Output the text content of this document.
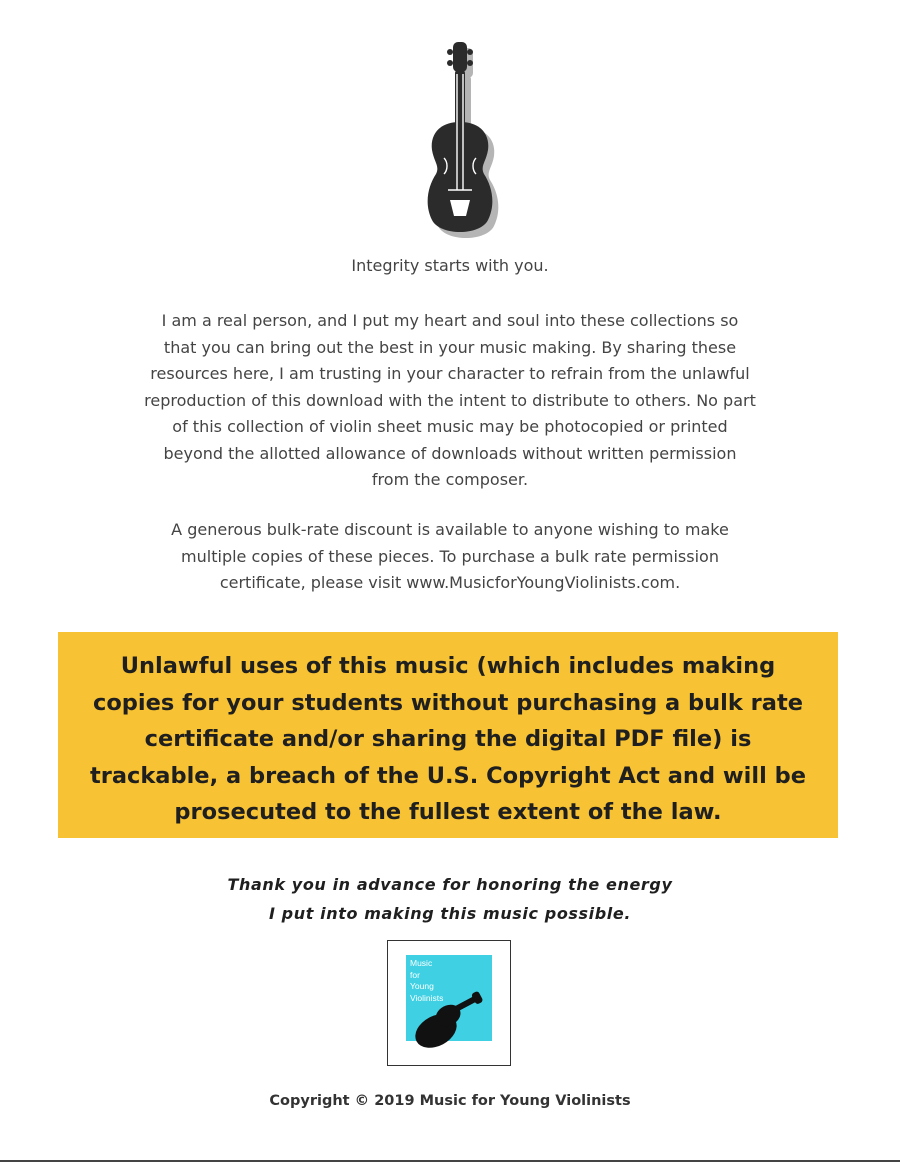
Integrity starts with you.
I am a real person, and I put my heart and soul into these collections so
that you can bring out the best in your music making. By sharing these
resources here, I am trusting in your character to refrain from the unlawful
reproduction of this download with the intent to distribute to others. No part
of this collection of violin sheet music may be photocopied or printed
beyond the allotted allowance of downloads without written permission
from the composer.
A generous bulk-rate discount is available to anyone wishing to make
multiple copies of these pieces. To purchase a bulk rate permission
certificate, please visit www.MusicforYoungViolinists.com.
Unlawful uses of this music (which includes making
copies for your students without purchasing a bulk rate
certificate and/or sharing the digital PDF file) is
trackable, a breach of the U.S. Copyright Act and will be
prosecuted to the fullest extent of the law.
Thank you in advance for honoring the energy
I put into making this music possible.
Music
for
Young
Violinists
Copyright © 2019 Music for Young Violinists
